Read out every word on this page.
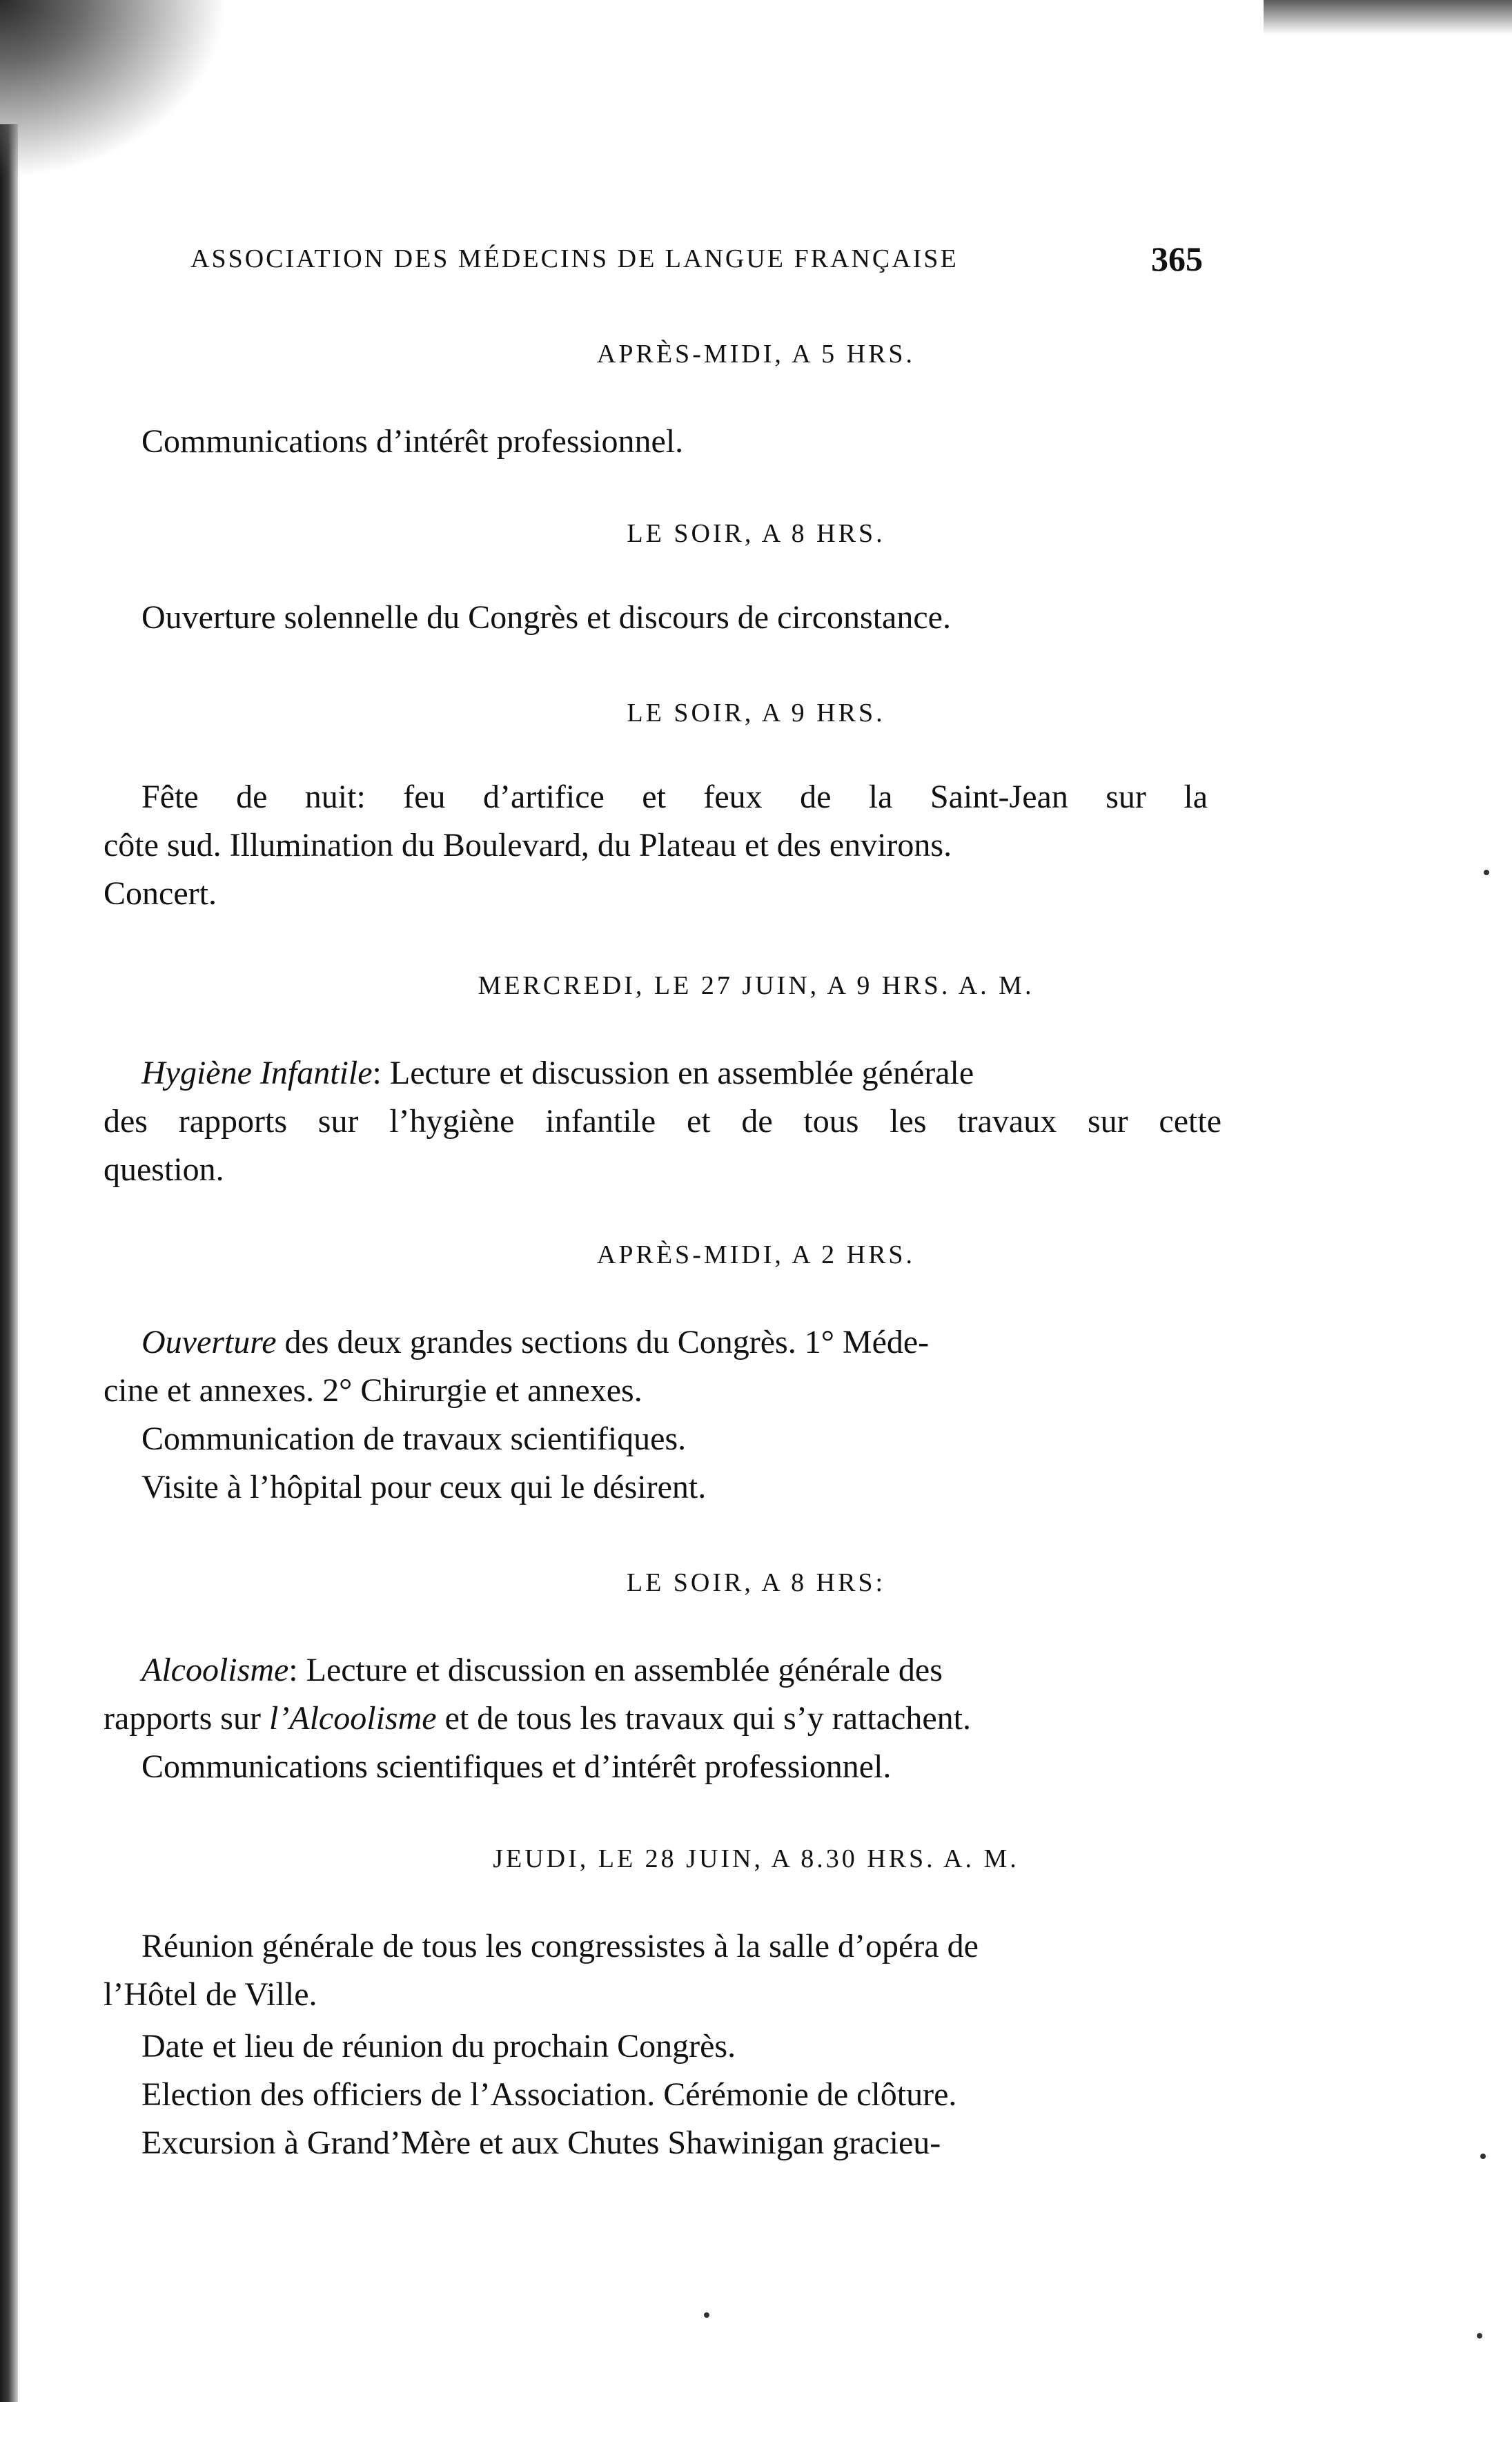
ASSOCIATION DES MÉDECINS DE LANGUE FRANÇAISE	365
APRÈS-MIDI, A 5 HRS.
Communications d’intérêt professionnel.
LE SOIR, A 8 HRS.
Ouverture solennelle du Congrès et discours de circonstance.
LE SOIR, A 9 HRS.
Fête de nuit: feu d’artifice et feux de la Saint-Jean sur la
côte sud. Illumination du Boulevard, du Plateau et des environs.
Concert.
MERCREDI, LE 27 JUIN, A 9 HRS. A. M.
Hygiène Infantile: Lecture et discussion en assemblée générale
des rapports sur l’hygiène infantile et de tous les travaux sur cette
question.
APRÈS-MIDI, A 2 HRS.
Ouverture des deux grandes sections du Congrès. 1° Méde-
cine et annexes. 2° Chirurgie et annexes.
Communication de travaux scientifiques.
Visite à l’hôpital pour ceux qui le désirent.
LE SOIR, A 8 HRS:
Alcoolisme: Lecture et discussion en assemblée générale des
rapports sur l’Alcoolisme et de tous les travaux qui s’y rattachent.
Communications scientifiques et d’intérêt professionnel.
JEUDI, LE 28 JUIN, A 8.30 HRS. A. M.
Réunion générale de tous les congressistes à la salle d’opéra de
l’Hôtel de Ville.
Date et lieu de réunion du prochain Congrès.
Election des officiers de l’Association. Cérémonie de clôture.
Excursion à Grand’Mère et aux Chutes Shawinigan gracieu-
